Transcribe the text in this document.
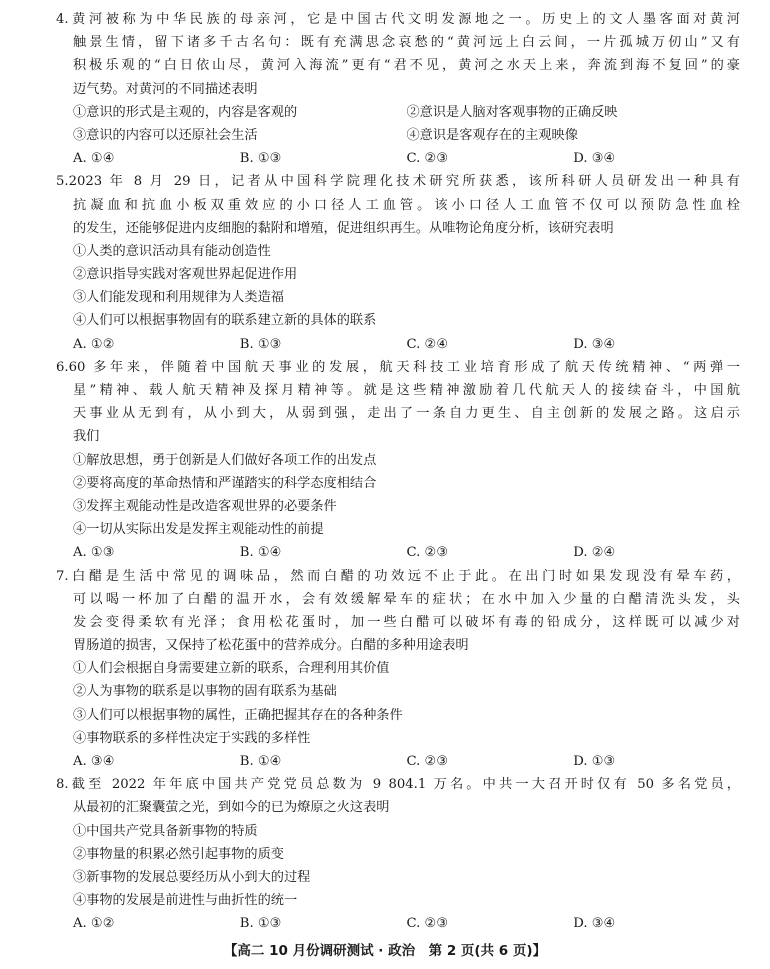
4.黄河被称为中华民族的母亲河，它是中国古代文明发源地之一。历史上的文人墨客面对黄河
触景生情，留下诸多千古名句：既有充满思念哀愁的“黄河远上白云间，一片孤城万仞山”又有
积极乐观的“白日依山尽，黄河入海流”更有“君不见，黄河之水天上来，奔流到海不复回”的豪
迈气势。对黄河的不同描述表明
①意识的形式是主观的，内容是客观的	②意识是人脑对客观事物的正确反映
③意识的内容可以还原社会生活	④意识是客观存在的主观映像
A. ①④	B. ①③	C. ②③	D. ③④
5.2023 年 8 月 29 日，记者从中国科学院理化技术研究所获悉，该所科研人员研发出一种具有
抗凝血和抗血小板双重效应的小口径人工血管。该小口径人工血管不仅可以预防急性血栓
的发生，还能够促进内皮细胞的黏附和增殖，促进组织再生。从唯物论角度分析，该研究表明
①人类的意识活动具有能动创造性
②意识指导实践对客观世界起促进作用
③人们能发现和利用规律为人类造福
④人们可以根据事物固有的联系建立新的具体的联系
A. ①②	B. ①③	C. ②④	D. ③④
6.60 多年来，伴随着中国航天事业的发展，航天科技工业培育形成了航天传统精神、“两弹一
星”精神、载人航天精神及探月精神等。就是这些精神激励着几代航天人的接续奋斗，中国航
天事业从无到有，从小到大，从弱到强，走出了一条自力更生、自主创新的发展之路。这启示
我们
①解放思想，勇于创新是人们做好各项工作的出发点
②要将高度的革命热情和严谨踏实的科学态度相结合
③发挥主观能动性是改造客观世界的必要条件
④一切从实际出发是发挥主观能动性的前提
A. ①③	B. ①④	C. ②③	D. ②④
7.白醋是生活中常见的调味品，然而白醋的功效远不止于此。在出门时如果发现没有晕车药，
可以喝一杯加了白醋的温开水，会有效缓解晕车的症状；在水中加入少量的白醋清洗头发，头
发会变得柔软有光泽；食用松花蛋时，加一些白醋可以破坏有毒的铅成分，这样既可以减少对
胃肠道的损害，又保持了松花蛋中的营养成分。白醋的多种用途表明
①人们会根据自身需要建立新的联系，合理利用其价值
②人为事物的联系是以事物的固有联系为基础
③人们可以根据事物的属性，正确把握其存在的各种条件
④事物联系的多样性决定于实践的多样性
A. ③④	B. ①④	C. ②③	D. ①③
8.截至 2022 年年底中国共产党党员总数为 9 804.1 万名。中共一大召开时仅有 50 多名党员，
从最初的汇聚囊萤之光，到如今的已为燎原之火这表明
①中国共产党具备新事物的特质
②事物量的积累必然引起事物的质变
③新事物的发展总要经历从小到大的过程
④事物的发展是前进性与曲折性的统一
A. ①②	B. ①③	C. ②③	D. ③④
【高二 10 月份调研测试 · 政治　第 2 页(共 6 页)】
